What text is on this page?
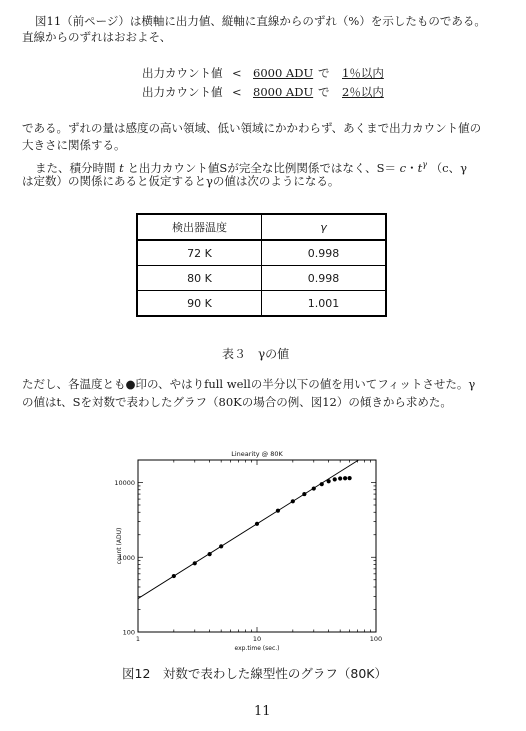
図11（前ページ）は横軸に出力値、縦軸に直線からのずれ（%）を示したものである。
直線からのずれはおおよそ、
出力カウント値 < 6000 ADU で 1％以内
出力カウント値 < 8000 ADU で 2％以内
である。ずれの量は感度の高い領域、低い領域にかかわらず、あくまで出力カウント値の
大きさに関係する。
また、積分時間 t と出力カウント値Sが完全な比例関係ではなく、S＝ c・$t^\gamma$ （c、γ
は定数）の関係にあると仮定するとγの値は次のようになる。
検出器温度	γ
72 K	0.998
80 K	0.998
90 K	1.001
表３　γの値
ただし、各温度とも●印の、やはりfull wellの半分以下の値を用いてフィットさせた。γ
の値はt、Sを対数で表わしたグラフ（80Kの場合の例、図12）の傾きから求めた。
1	10	100
100
1000
10000
exp.time (sec.)
count (ADU)
Linearity @ 80K
図12　対数で表わした線型性のグラフ（80K）
11
